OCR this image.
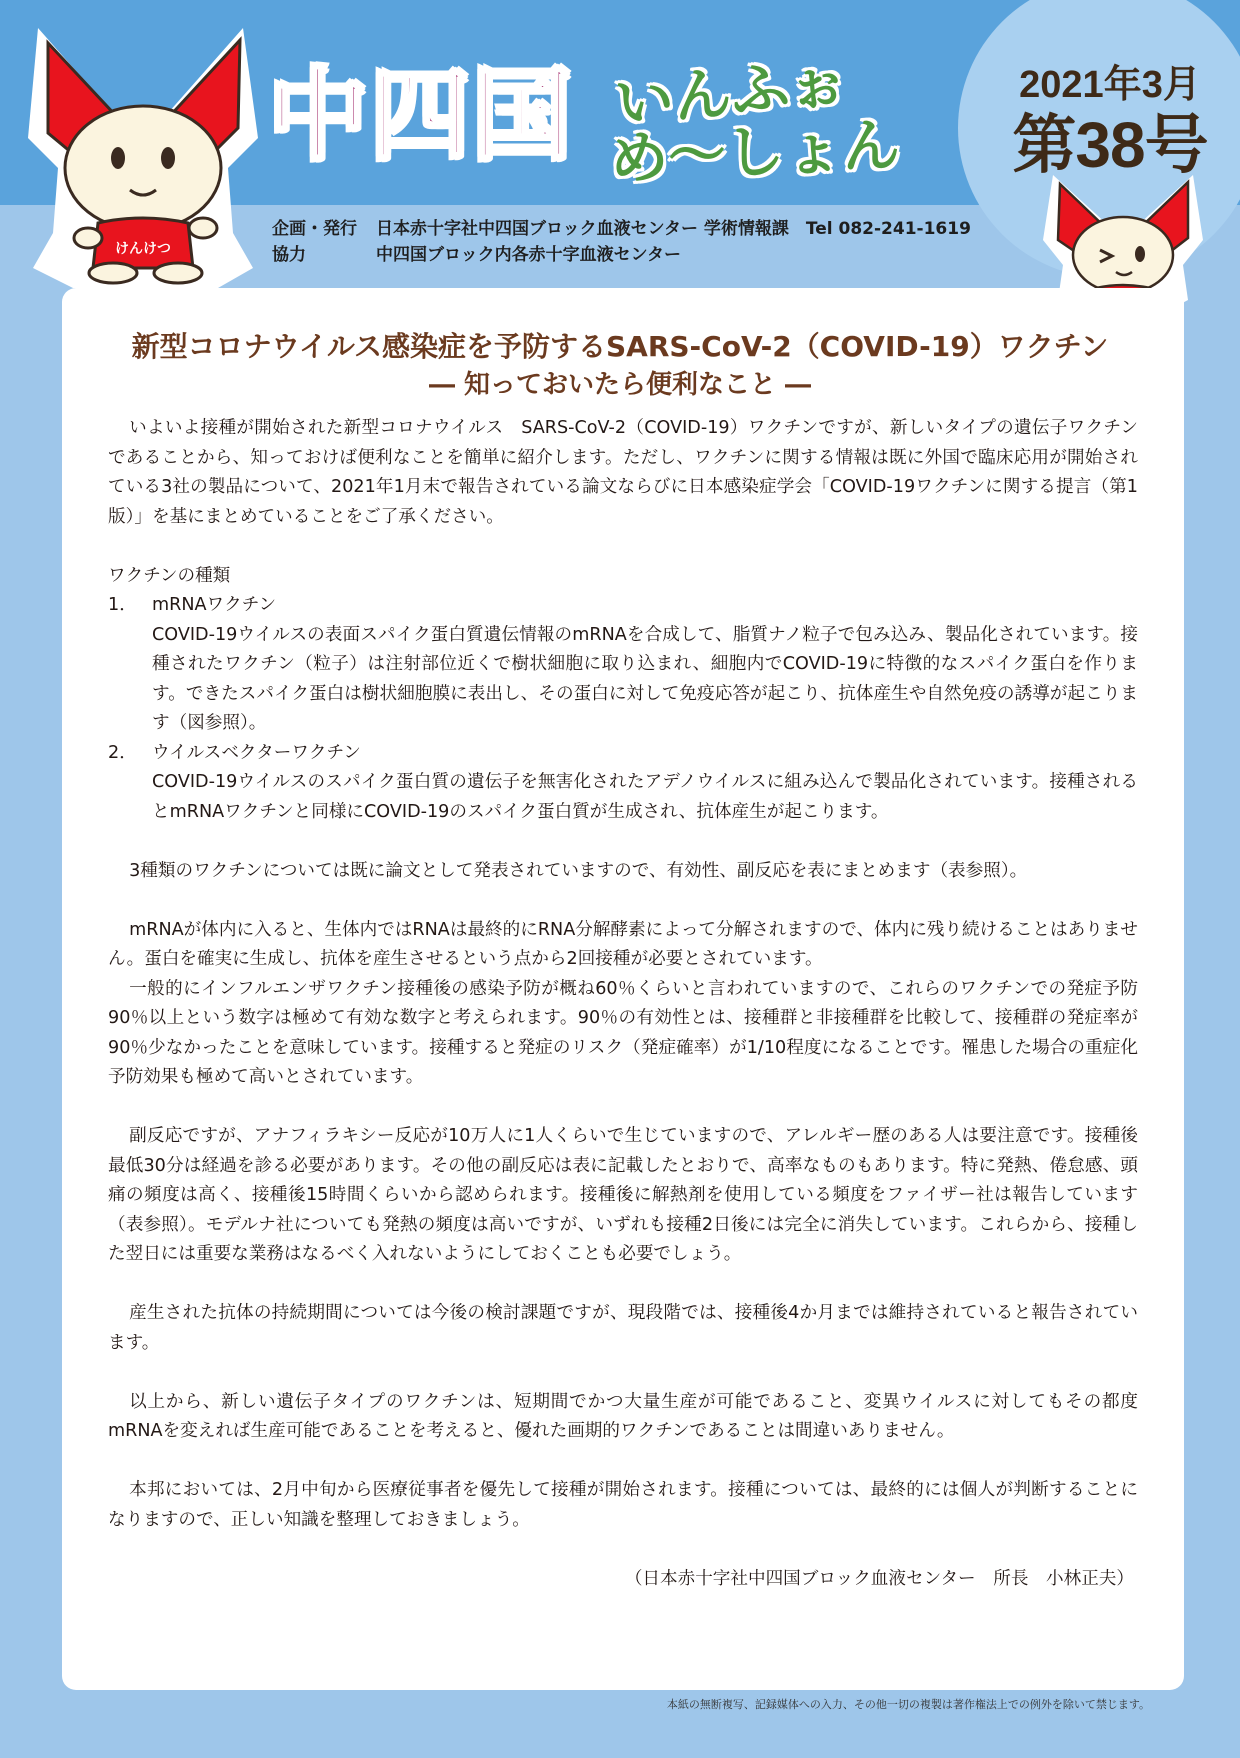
けんけつ
中四国 いんふぉ
め〜しょん
2021年3月
第38号
企画・発行	日本赤十字社中四国ブロック血液センター 学術情報課　Tel 082-241-1619
協力	中四国ブロック内各赤十字血液センター
新型コロナウイルス感染症を予防するSARS-CoV-2（COVID-19）ワクチン
― 知っておいたら便利なこと ―

いよいよ接種が開始された新型コロナウイルス　SARS-CoV-2（COVID-19）ワクチンですが、新しいタイプの遺伝子ワクチンであることから、知っておけば便利なことを簡単に紹介します。ただし、ワクチンに関する情報は既に外国で臨床応用が開始されている3社の製品について、2021年1月末で報告されている論文ならびに日本感染症学会「COVID-19ワクチンに関する提言（第1版）」を基にまとめていることをご了承ください。

ワクチンの種類

1． mRNAワクチン

COVID-19ウイルスの表面スパイク蛋白質遺伝情報のmRNAを合成して、脂質ナノ粒子で包み込み、製品化されています。接種されたワクチン（粒子）は注射部位近くで樹状細胞に取り込まれ、細胞内でCOVID-19に特徴的なスパイク蛋白を作ります。できたスパイク蛋白は樹状細胞膜に表出し、その蛋白に対して免疫応答が起こり、抗体産生や自然免疫の誘導が起こります（図参照）。

2． ウイルスベクターワクチン

COVID-19ウイルスのスパイク蛋白質の遺伝子を無害化されたアデノウイルスに組み込んで製品化されています。接種されるとmRNAワクチンと同様にCOVID-19のスパイク蛋白質が生成され、抗体産生が起こります。

3種類のワクチンについては既に論文として発表されていますので、有効性、副反応を表にまとめます（表参照）。

mRNAが体内に入ると、生体内ではRNAは最終的にRNA分解酵素によって分解されますので、体内に残り続けることはありません。蛋白を確実に生成し、抗体を産生させるという点から2回接種が必要とされています。

一般的にインフルエンザワクチン接種後の感染予防が概ね60％くらいと言われていますので、これらのワクチンでの発症予防90％以上という数字は極めて有効な数字と考えられます。90％の有効性とは、接種群と非接種群を比較して、接種群の発症率が90％少なかったことを意味しています。接種すると発症のリスク（発症確率）が1/10程度になることです。罹患した場合の重症化予防効果も極めて高いとされています。

副反応ですが、アナフィラキシー反応が10万人に1人くらいで生じていますので、アレルギー歴のある人は要注意です。接種後最低30分は経過を診る必要があります。その他の副反応は表に記載したとおりで、高率なものもあります。特に発熱、倦怠感、頭痛の頻度は高く、接種後15時間くらいから認められます。接種後に解熱剤を使用している頻度をファイザー社は報告しています（表参照）。モデルナ社についても発熱の頻度は高いですが、いずれも接種2日後には完全に消失しています。これらから、接種した翌日には重要な業務はなるべく入れないようにしておくことも必要でしょう。

産生された抗体の持続期間については今後の検討課題ですが、現段階では、接種後4か月までは維持されていると報告されています。

以上から、新しい遺伝子タイプのワクチンは、短期間でかつ大量生産が可能であること、変異ウイルスに対してもその都度mRNAを変えれば生産可能であることを考えると、優れた画期的ワクチンであることは間違いありません。

本邦においては、2月中旬から医療従事者を優先して接種が開始されます。接種については、最終的には個人が判断することになりますので、正しい知識を整理しておきましょう。

（日本赤十字社中四国ブロック血液センター　所長　小林正夫）

本紙の無断複写、記録媒体への入力、その他一切の複製は著作権法上での例外を除いて禁じます。
